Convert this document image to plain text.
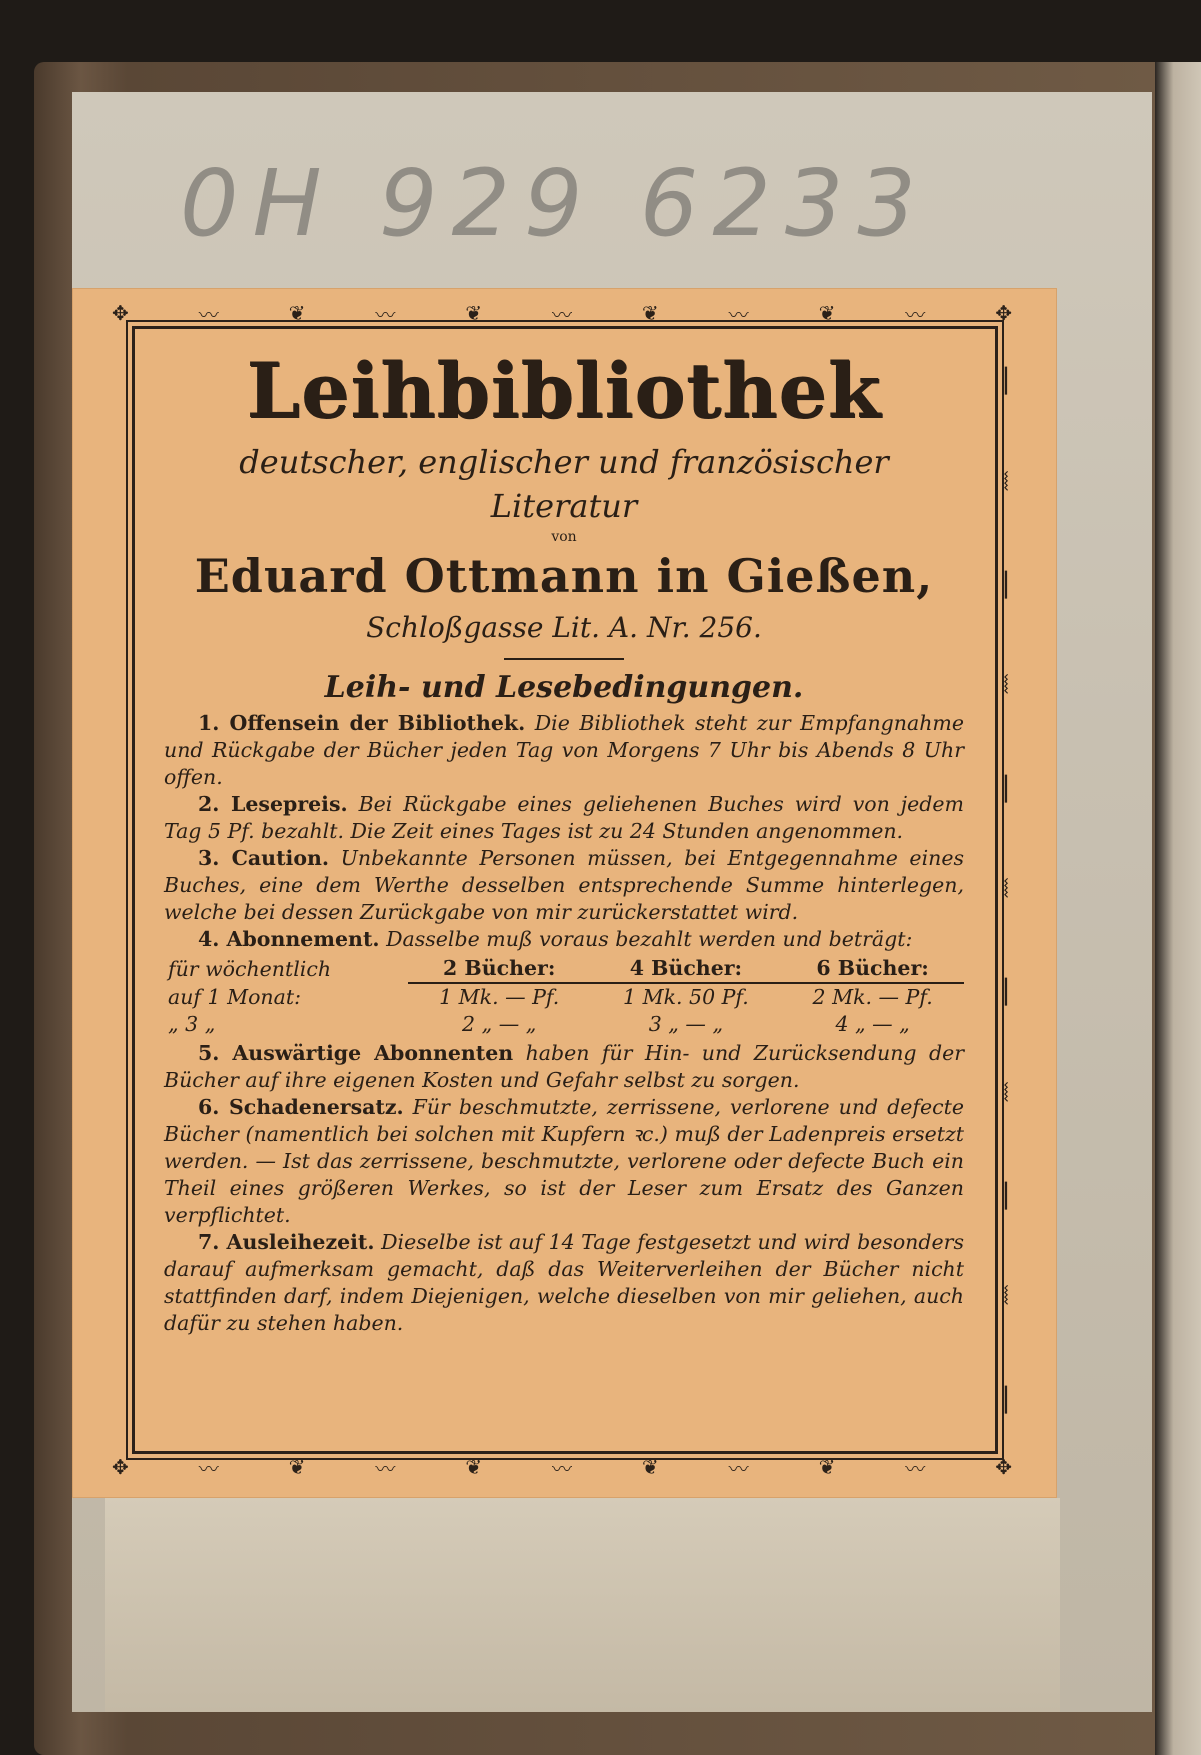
0H 929 6233
✥	〰	❦	〰	❦	〰	❦	〰	❦	〰	✥
✥	〰	❦	〰	❦	〰	❦	〰	❦	〰	✥
❘
⧘
❘
⧘
❘
⧘
❘
⧘
❘
⧘
❘
❘
⧙
❘
⧙
❘
⧙
❘
⧙
❘
⧙
❘
Leihbibliothek
deutscher, englischer und französischer Literatur
von
Eduard Ottmann in Gießen,
Schloßgasse Lit. A. Nr. 256.
Leih- und Lesebedingungen.

1. Offensein der Bibliothek. Die Bibliothek steht zur Empfangnahme und Rückgabe der Bücher jeden Tag von Morgens 7 Uhr bis Abends 8 Uhr offen.

2. Lesepreis. Bei Rückgabe eines geliehenen Buches wird von jedem Tag 5 Pf. bezahlt. Die Zeit eines Tages ist zu 24 Stunden angenommen.

3. Caution. Unbekannte Personen müssen, bei Entgegennahme eines Buches, eine dem Werthe desselben entsprechende Summe hinterlegen, welche bei dessen Zurückgabe von mir zurückerstattet wird.

4. Abonnement. Dasselbe muß voraus bezahlt werden und beträgt:

für wöchentlich	2 Bücher:	4 Bücher:	6 Bücher:
auf 1 Monat:	1 Mk. — Pf.	1 Mk. 50 Pf.	2 Mk. — Pf.
„ 3 „	2 „ — „	3 „ — „	4 „ — „

5. Auswärtige Abonnenten haben für Hin- und Zurücksendung der Bücher auf ihre eigenen Kosten und Gefahr selbst zu sorgen.

6. Schadenersatz. Für beschmutzte, zerrissene, verlorene und defecte Bücher (namentlich bei solchen mit Kupfern ꝛc.) muß der Ladenpreis ersetzt werden. — Ist das zerrissene, beschmutzte, verlorene oder defecte Buch ein Theil eines größeren Werkes, so ist der Leser zum Ersatz des Ganzen verpflichtet.

7. Ausleihezeit. Dieselbe ist auf 14 Tage festgesetzt und wird besonders darauf aufmerksam gemacht, daß das Weiterverleihen der Bücher nicht stattfinden darf, indem Diejenigen, welche dieselben von mir geliehen, auch dafür zu stehen haben.
